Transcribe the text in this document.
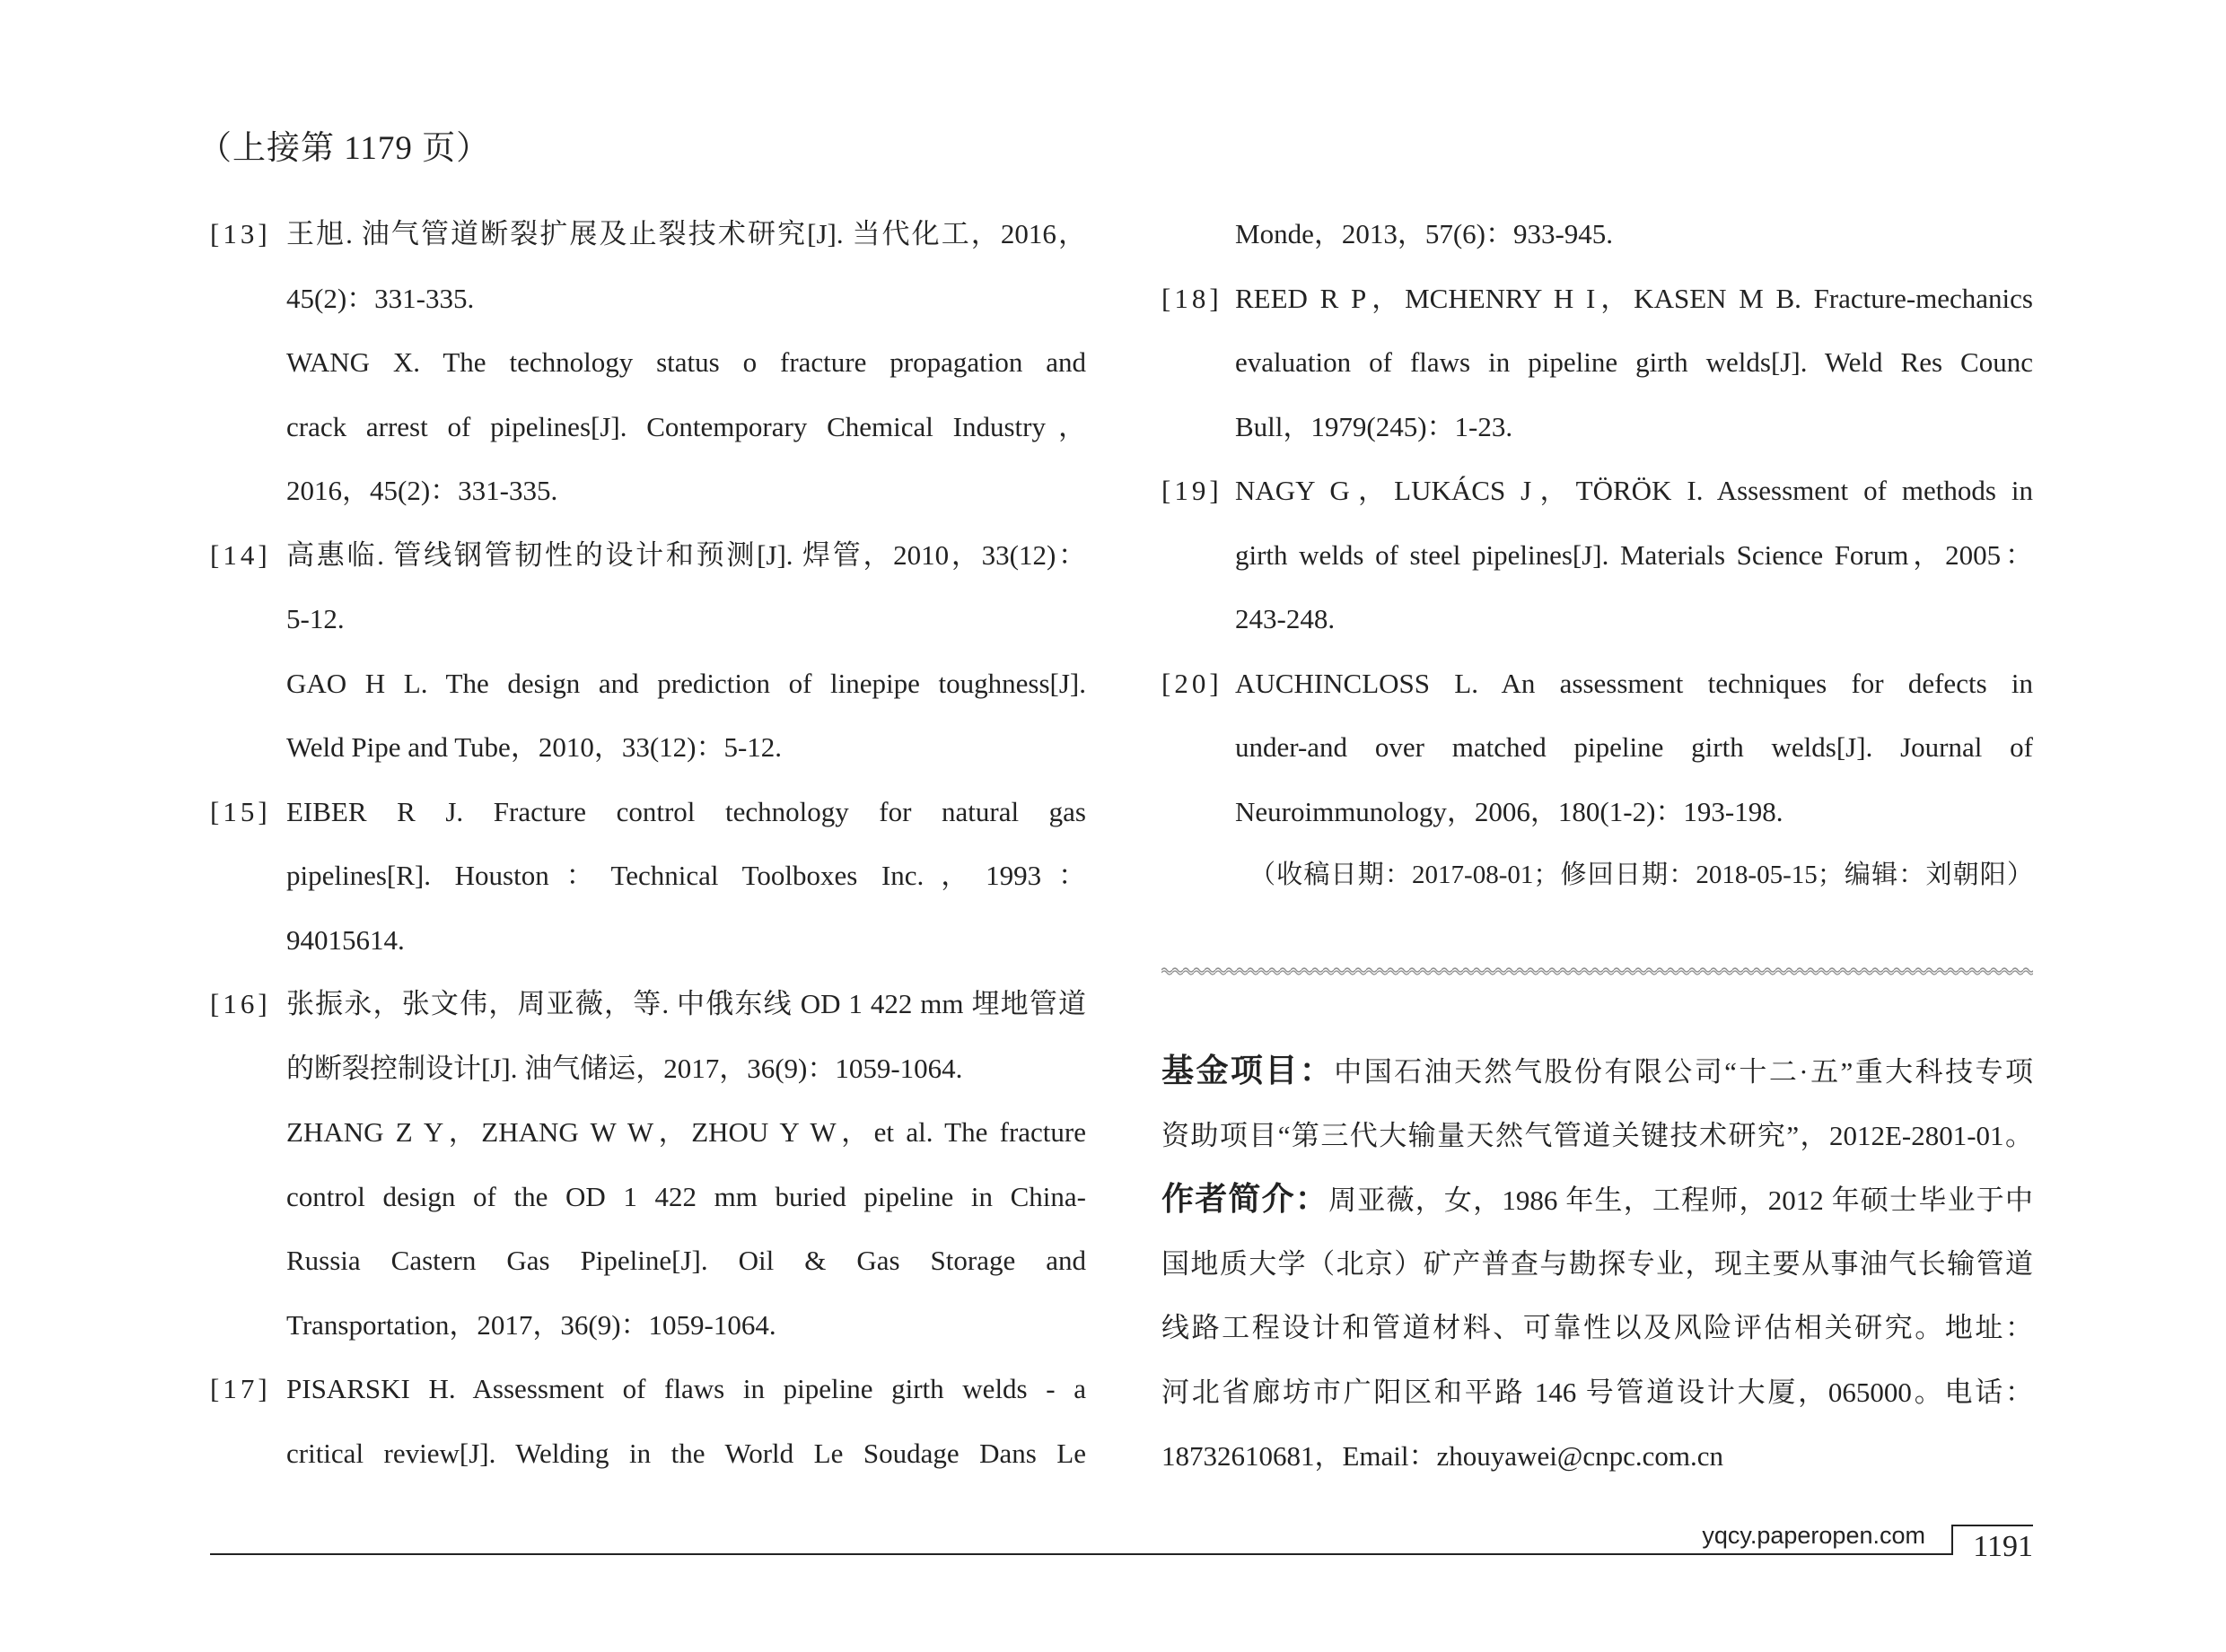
（上接第 1179 页）
[13] 王旭. 油气管道断裂扩展及止裂技术研究[J]. 当代化工，2016，
45(2)：331-335.
WANG X. The technology status o fracture propagation and
crack arrest of pipelines[J]. Contemporary Chemical Industry，
2016，45(2)：331-335.
[14] 高惠临. 管线钢管韧性的设计和预测[J]. 焊管，2010，33(12)：
5-12.
GAO H L. The design and prediction of linepipe toughness[J].
Weld Pipe and Tube，2010，33(12)：5-12.
[15] EIBER R J. Fracture control technology for natural gas
pipelines[R]. Houston：Technical Toolboxes Inc.，1993：
94015614.
[16] 张振永，张文伟，周亚薇，等. 中俄东线 OD 1 422 mm 埋地管道
的断裂控制设计[J]. 油气储运，2017，36(9)：1059-1064.
ZHANG Z Y，ZHANG W W，ZHOU Y W，et al. The fracture
control design of the OD 1 422 mm buried pipeline in China-
Russia Castern Gas Pipeline[J]. Oil & Gas Storage and
Transportation，2017，36(9)：1059-1064.
[17] PISARSKI H. Assessment of flaws in pipeline girth welds - a
critical review[J]. Welding in the World Le Soudage Dans Le
Monde，2013，57(6)：933-945.
[18] REED R P，MCHENRY H I，KASEN M B. Fracture-mechanics
evaluation of flaws in pipeline girth welds[J]. Weld Res Counc
Bull，1979(245)：1-23.
[19] NAGY G，LUKÁCS J，TÖRÖK I. Assessment of methods in
girth welds of steel pipelines[J]. Materials Science Forum，2005：
243-248.
[20] AUCHINCLOSS L. An assessment techniques for defects in
under-and over matched pipeline girth welds[J]. Journal of
Neuroimmunology，2006，180(1-2)：193-198.
（收稿日期：2017-08-01；修回日期：2018-05-15；编辑：刘朝阳）
基金项目：中国石油天然气股份有限公司“十二·五”重大科技专项
资助项目“第三代大输量天然气管道关键技术研究”，2012E-2801-01。
作者简介：周亚薇，女，1986 年生，工程师，2012 年硕士毕业于中
国地质大学（北京）矿产普查与勘探专业，现主要从事油气长输管道
线路工程设计和管道材料、可靠性以及风险评估相关研究。地址：
河北省廊坊市广阳区和平路 146 号管道设计大厦，065000。电话：
18732610681，Email：zhouyawei@cnpc.com.cn
yqcy.paperopen.com	1191
